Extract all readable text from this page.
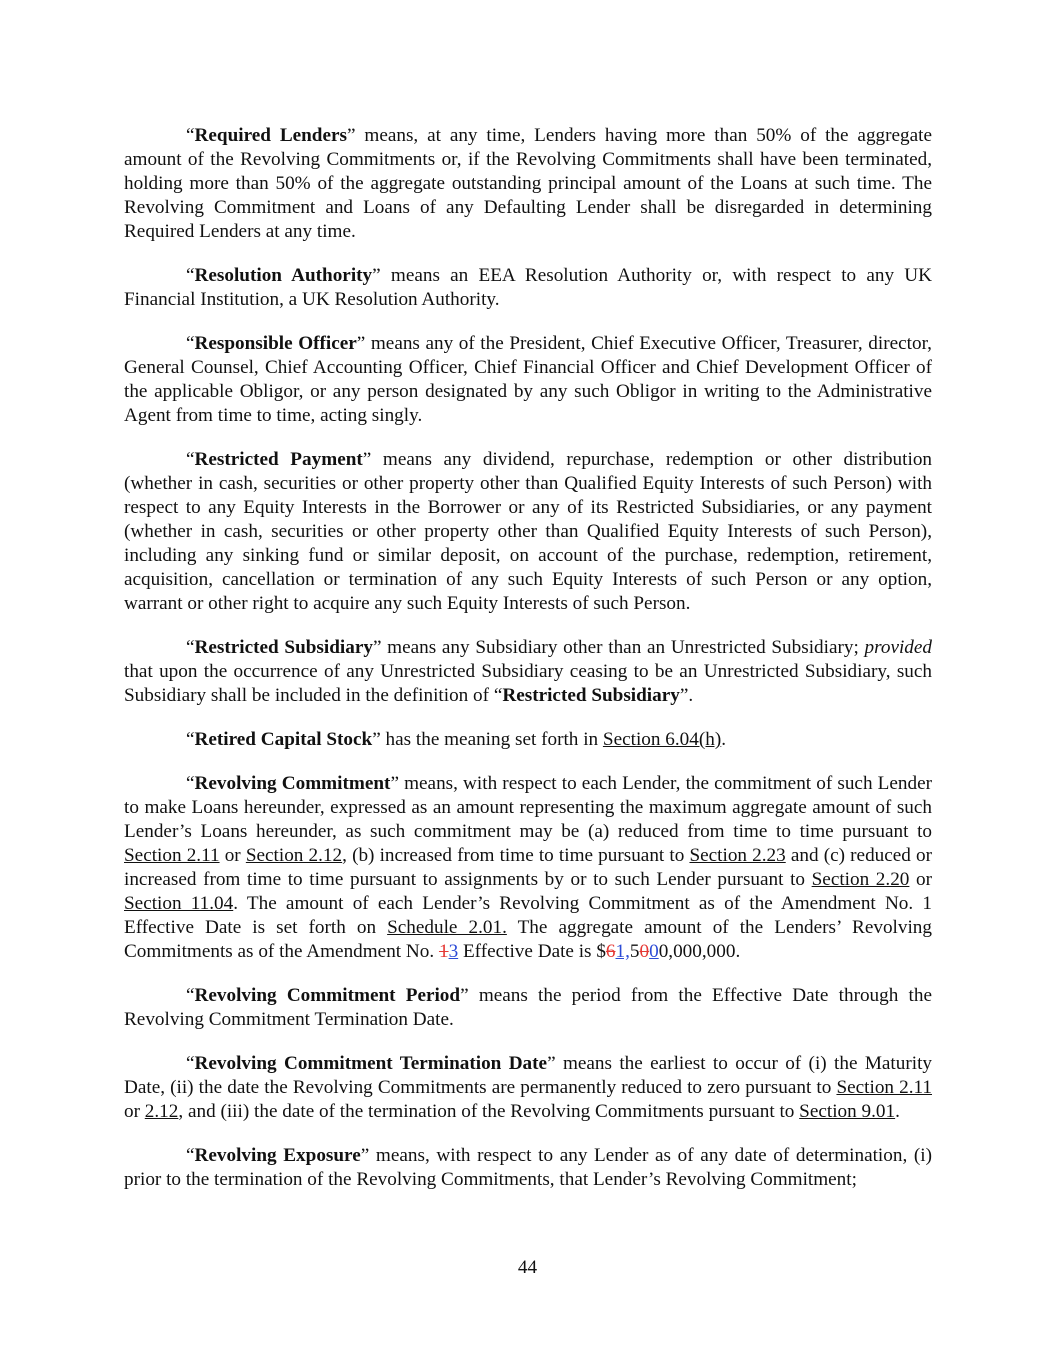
“Required Lenders” means, at any time, Lenders having more than 50% of the aggregate amount of the Revolving Commitments or, if the Revolving Commitments shall have been terminated, holding more than 50% of the aggregate outstanding principal amount of the Loans at such time. The Revolving Commitment and Loans of any Defaulting Lender shall be disregarded in determining Required Lenders at any time.

“Resolution Authority” means an EEA Resolution Authority or, with respect to any UK Financial Institution, a UK Resolution Authority.

“Responsible Officer” means any of the President, Chief Executive Officer, Treasurer, director, General Counsel, Chief Accounting Officer, Chief Financial Officer and Chief Development Officer of the applicable Obligor, or any person designated by any such Obligor in writing to the Administrative Agent from time to time, acting singly.

“Restricted Payment” means any dividend, repurchase, redemption or other distribution (whether in cash, securities or other property other than Qualified Equity Interests of such Person) with respect to any Equity Interests in the Borrower or any of its Restricted Subsidiaries, or any payment (whether in cash, securities or other property other than Qualified Equity Interests of such Person), including any sinking fund or similar deposit, on account of the purchase, redemption, retirement, acquisition, cancellation or termination of any such Equity Interests of such Person or any option, warrant or other right to acquire any such Equity Interests of such Person.

“Restricted Subsidiary” means any Subsidiary other than an Unrestricted Subsidiary; provided that upon the occurrence of any Unrestricted Subsidiary ceasing to be an Unrestricted Subsidiary, such Subsidiary shall be included in the definition of “Restricted Subsidiary”.

“Retired Capital Stock” has the meaning set forth in Section 6.04(h).

“Revolving Commitment” means, with respect to each Lender, the commitment of such Lender to make Loans hereunder, expressed as an amount representing the maximum aggregate amount of such Lender’s Loans hereunder, as such commitment may be (a) reduced from time to time pursuant to Section 2.11 or Section 2.12, (b) increased from time to time pursuant to Section 2.23 and (c) reduced or increased from time to time pursuant to assignments by or to such Lender pursuant to Section 2.20 or Section 11.04. The amount of each Lender’s Revolving Commitment as of the Amendment No. 1 Effective Date is set forth on Schedule 2.01. The aggregate amount of the Lenders’ Revolving Commitments as of the Amendment No. 13 Effective Date is $61,5000,000,000.

“Revolving Commitment Period” means the period from the Effective Date through the Revolving Commitment Termination Date.

“Revolving Commitment Termination Date” means the earliest to occur of (i) the Maturity Date, (ii) the date the Revolving Commitments are permanently reduced to zero pursuant to Section 2.11 or 2.12, and (iii) the date of the termination of the Revolving Commitments pursuant to Section 9.01.

“Revolving Exposure” means, with respect to any Lender as of any date of determination, (i) prior to the termination of the Revolving Commitments, that Lender’s Revolving Commitment;

44
